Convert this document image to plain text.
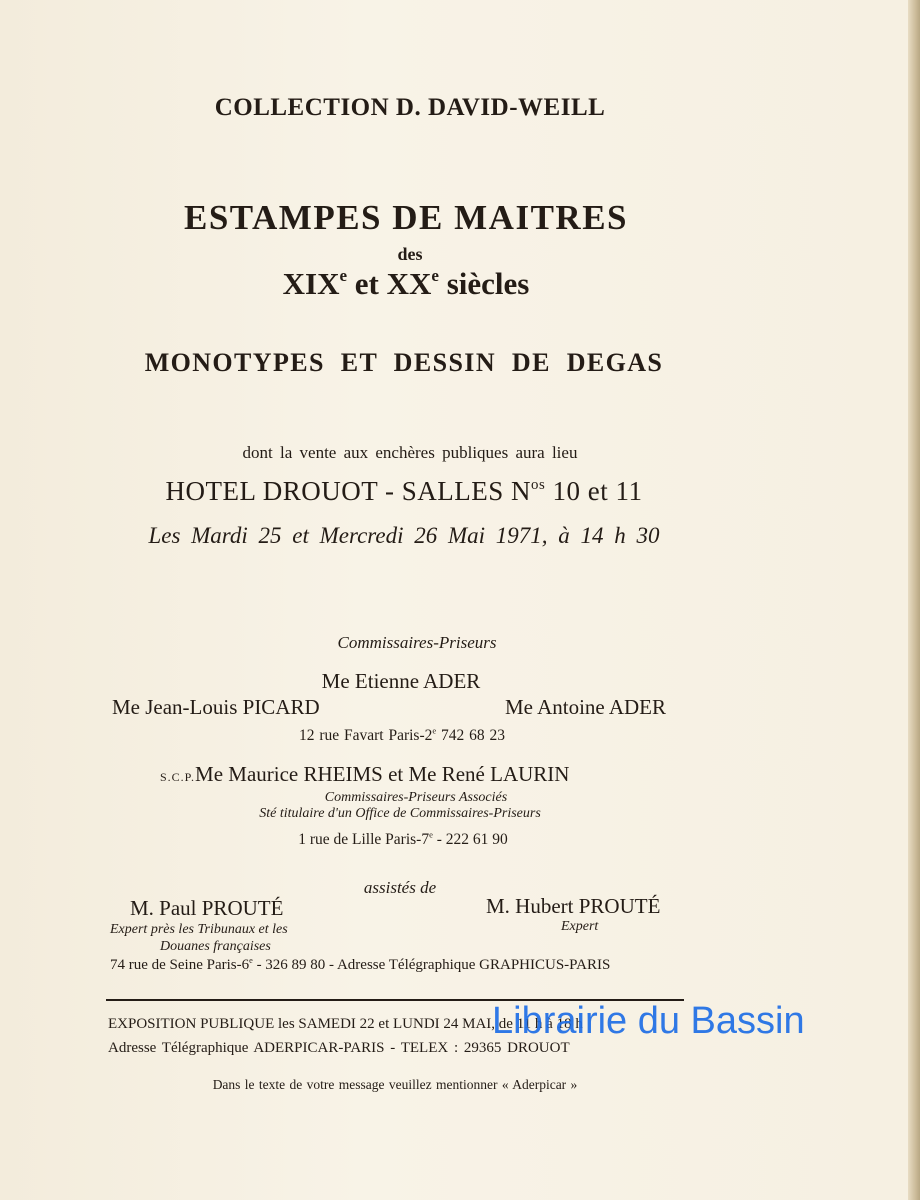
COLLECTION D. DAVID-WEILL
ESTAMPES DE MAITRES
des
XIXe et XXe siècles
MONOTYPES ET DESSIN DE DEGAS
dont la vente aux enchères publiques aura lieu
HOTEL DROUOT - SALLES $N^{os}$ 10 et 11
Les Mardi 25 et Mercredi 26 Mai 1971, à 14 h 30
Commissaires-Priseurs
Me Etienne ADER
Me Jean-Louis PICARD	Me Antoine ADER
12 rue Favart Paris-2e 742 68 23
S.C.P.Me Maurice RHEIMS et Me René LAURIN
Commissaires-Priseurs Associés
Sté titulaire d'un Office de Commissaires-Priseurs
1 rue de Lille Paris-7e - 222 61 90
assistés de
M. Paul PROUTÉ	M. Hubert PROUTÉ
Expert près les Tribunaux et les
Douanes françaises
Expert
74 rue de Seine Paris-6e - 326 89 80 - Adresse Télégraphique GRAPHICUS-PARIS
EXPOSITION PUBLIQUE les SAMEDI 22 et LUNDI 24 MAI, de 11 h à 18 h
Adresse Télégraphique ADERPICAR-PARIS - TELEX : 29365 DROUOT
Dans le texte de votre message veuillez mentionner « Aderpicar »
Librairie du Bassin
